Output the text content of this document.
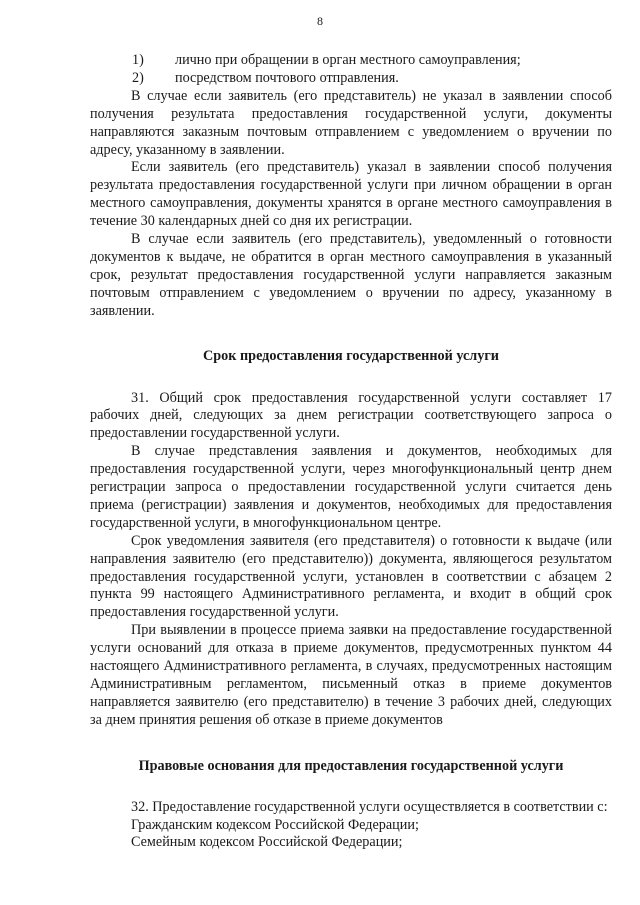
8
1) лично при обращении в орган местного самоуправления;
2) посредством почтового отправления.

В случае если заявитель (его представитель) не указал в заявлении способ получения результата предоставления государственной услуги, документы направляются заказным почтовым отправлением с уведомлением о вручении по адресу, указанному в заявлении.

Если заявитель (его представитель) указал в заявлении способ получения результата предоставления государственной услуги при личном обращении в орган местного самоуправления, документы хранятся в органе местного самоуправления в течение 30 календарных дней со дня их регистрации.

В случае если заявитель (его представитель), уведомленный о готовности документов к выдаче, не обратится в орган местного самоуправления в указанный срок, результат предоставления государственной услуги направляется заказным почтовым отправлением с уведомлением о вручении по адресу, указанному в заявлении.

Срок предоставления государственной услуги

31. Общий срок предоставления государственной услуги составляет 17 рабочих дней, следующих за днем регистрации соответствующего запроса о предоставлении государственной услуги.

В случае представления заявления и документов, необходимых для предоставления государственной услуги, через многофункциональный центр днем регистрации запроса о предоставлении государственной услуги считается день приема (регистрации) заявления и документов, необходимых для предоставления государственной услуги, в многофункциональном центре.

Срок уведомления заявителя (его представителя) о готовности к выдаче (или направления заявителю (его представителю)) документа, являющегося результатом предоставления государственной услуги, установлен в соответствии с абзацем 2 пункта 99 настоящего Административного регламента, и входит в общий срок предоставления государственной услуги.

При выявлении в процессе приема заявки на предоставление государственной услуги оснований для отказа в приеме документов, предусмотренных пунктом 44 настоящего Административного регламента, в случаях, предусмотренных настоящим Административным регламентом, письменный отказ в приеме документов направляется заявителю (его представителю) в течение 3 рабочих дней, следующих за днем принятия решения об отказе в приеме документов

Правовые основания для предоставления государственной услуги

32. Предоставление государственной услуги осуществляется в соответствии с:

Гражданским кодексом Российской Федерации;

Семейным кодексом Российской Федерации;
